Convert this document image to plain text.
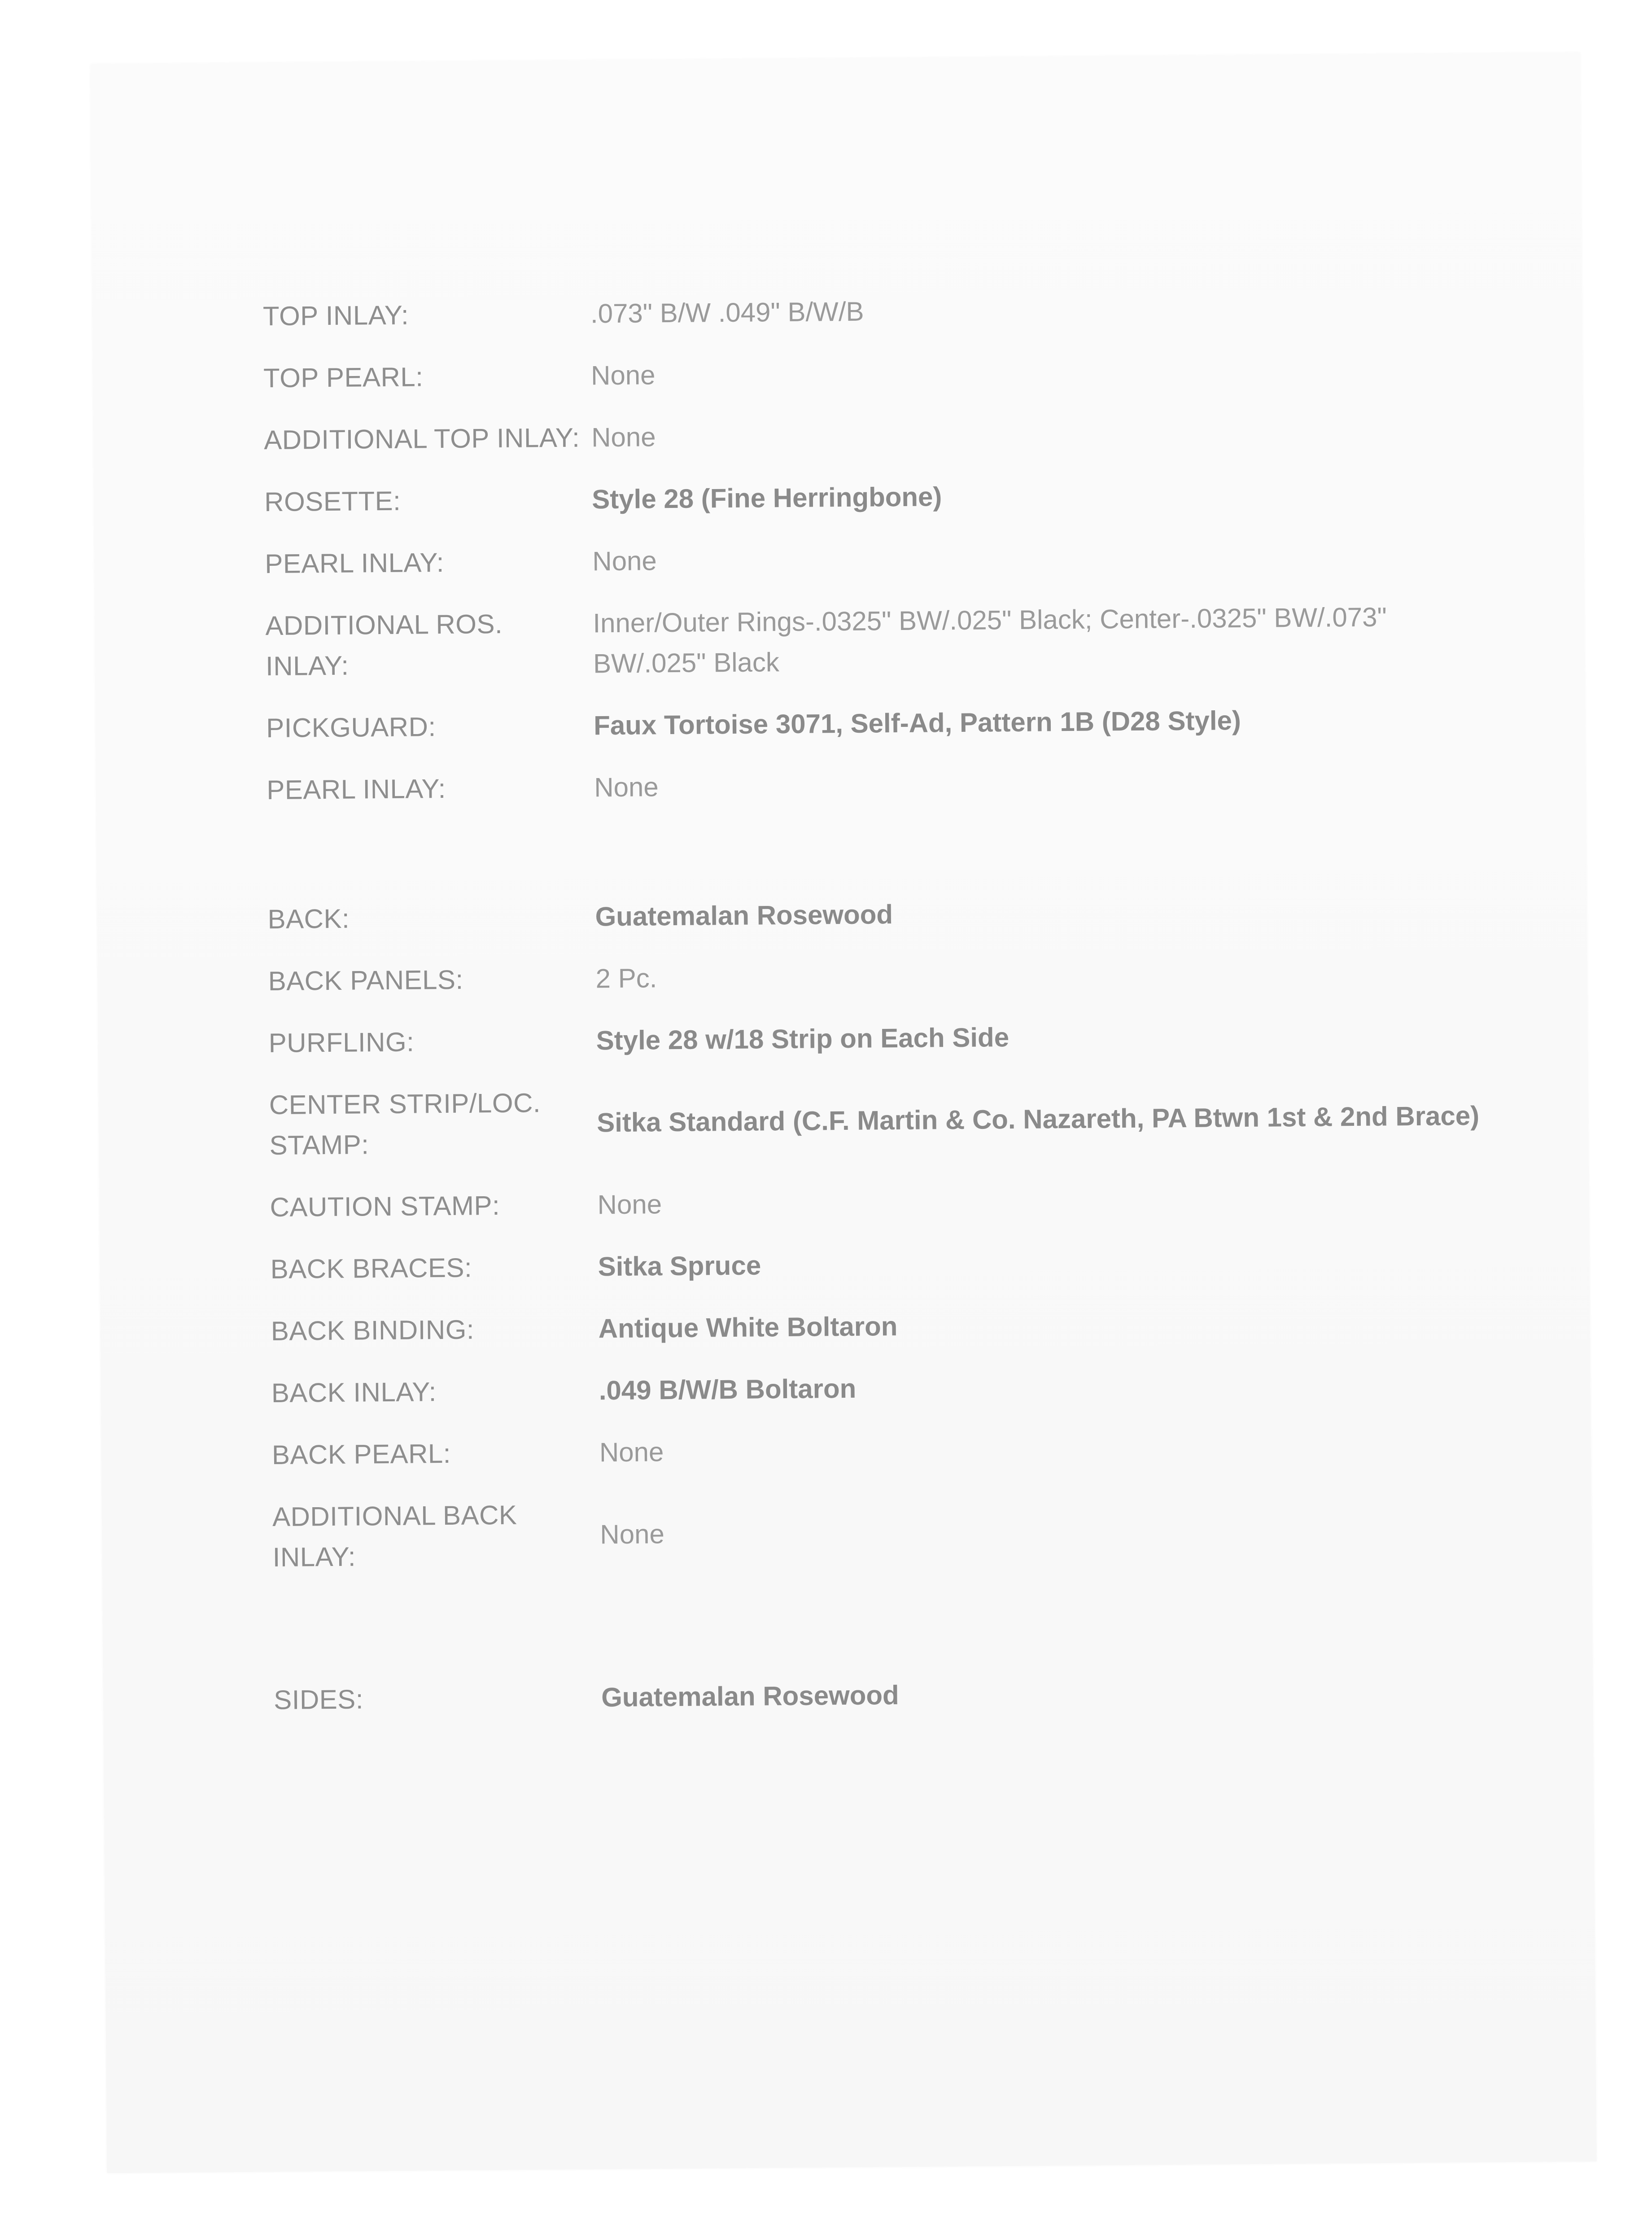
TOP INLAY:	.073" B/W .049" B/W/B
TOP PEARL:	None
ADDITIONAL TOP INLAY: None
ROSETTE:	Style 28 (Fine Herringbone)
PEARL INLAY:	None
ADDITIONAL ROS. INLAY:
Inner/Outer Rings-.0325" BW/.025" Black; Center-.0325" BW/.073" BW/.025" Black
PICKGUARD:	Faux Tortoise 3071, Self-Ad, Pattern 1B (D28 Style)
PEARL INLAY:	None
BACK:	Guatemalan Rosewood
BACK PANELS:	2 Pc.
PURFLING:	Style 28 w/18 Strip on Each Side
CENTER STRIP/LOC. STAMP:
Sitka Standard (C.F. Martin & Co. Nazareth, PA Btwn 1st & 2nd Brace)
CAUTION STAMP:	None
BACK BRACES:	Sitka Spruce
BACK BINDING:	Antique White Boltaron
BACK INLAY:	.049 B/W/B Boltaron
BACK PEARL:	None
ADDITIONAL BACK INLAY:
None
SIDES:	Guatemalan Rosewood
